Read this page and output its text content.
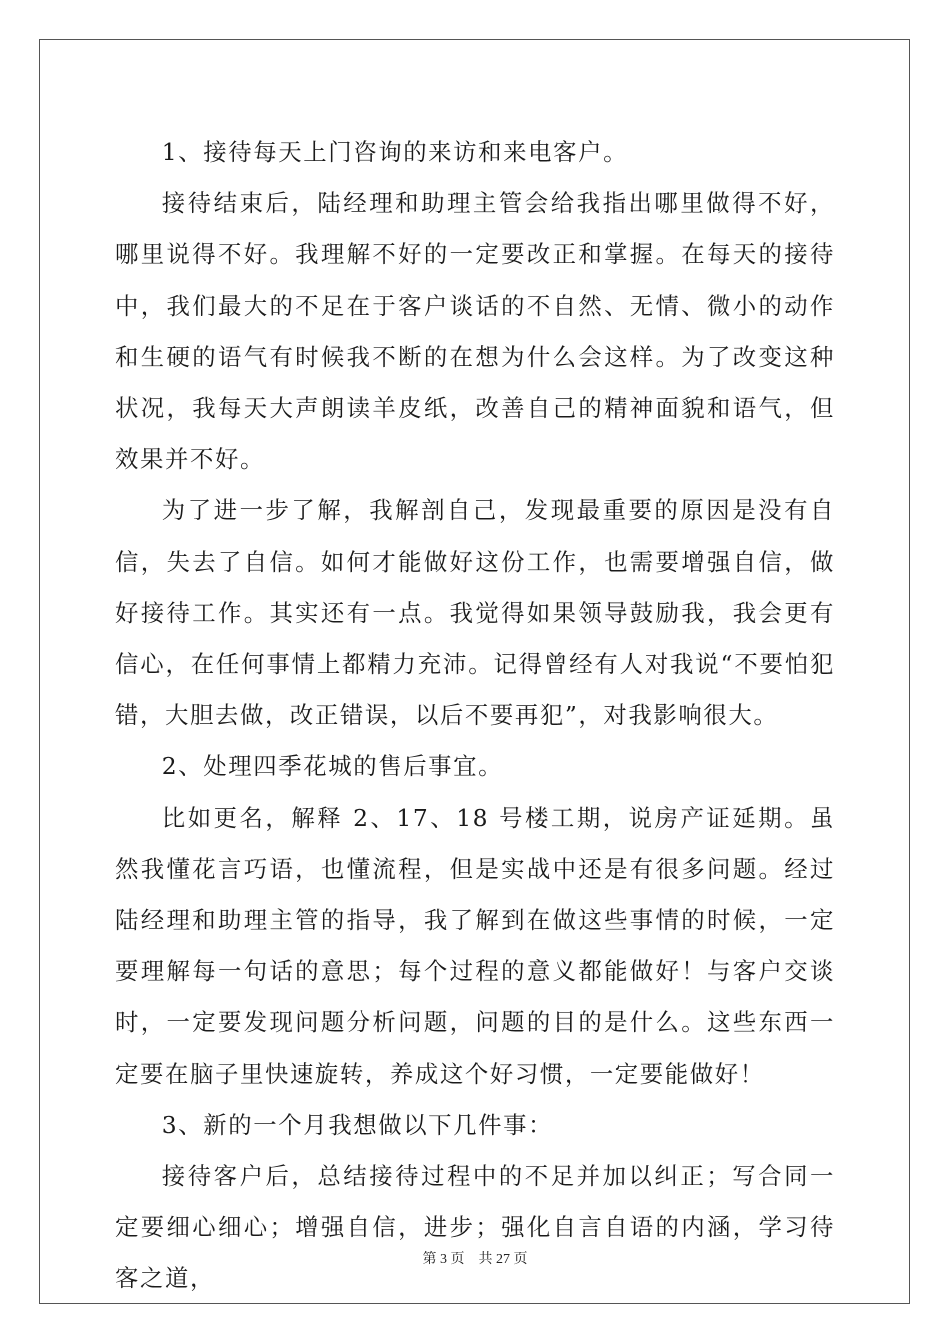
1、接待每天上门咨询的来访和来电客户。

接待结束后，陆经理和助理主管会给我指出哪里做得不好，哪里说得不好。我理解不好的一定要改正和掌握。在每天的接待中，我们最大的不足在于客户谈话的不自然、无情、微小的动作和生硬的语气有时候我不断的在想为什么会这样。为了改变这种状况，我每天大声朗读羊皮纸，改善自己的精神面貌和语气，但效果并不好。

为了进一步了解，我解剖自己，发现最重要的原因是没有自信，失去了自信。如何才能做好这份工作，也需要增强自信，做好接待工作。其实还有一点。我觉得如果领导鼓励我，我会更有信心，在任何事情上都精力充沛。记得曾经有人对我说“不要怕犯错，大胆去做，改正错误，以后不要再犯”，对我影响很大。

2、处理四季花城的售后事宜。

比如更名，解释 2、17、18 号楼工期，说房产证延期。虽然我懂花言巧语，也懂流程，但是实战中还是有很多问题。经过陆经理和助理主管的指导，我了解到在做这些事情的时候，一定要理解每一句话的意思；每个过程的意义都能做好！与客户交谈时，一定要发现问题分析问题，问题的目的是什么。这些东西一定要在脑子里快速旋转，养成这个好习惯，一定要能做好！

3、新的一个月我想做以下几件事：

接待客户后，总结接待过程中的不足并加以纠正；写合同一定要细心细心；增强自信，进步；强化自言自语的内涵，学习待客之道，

第 3 页    共 27 页
